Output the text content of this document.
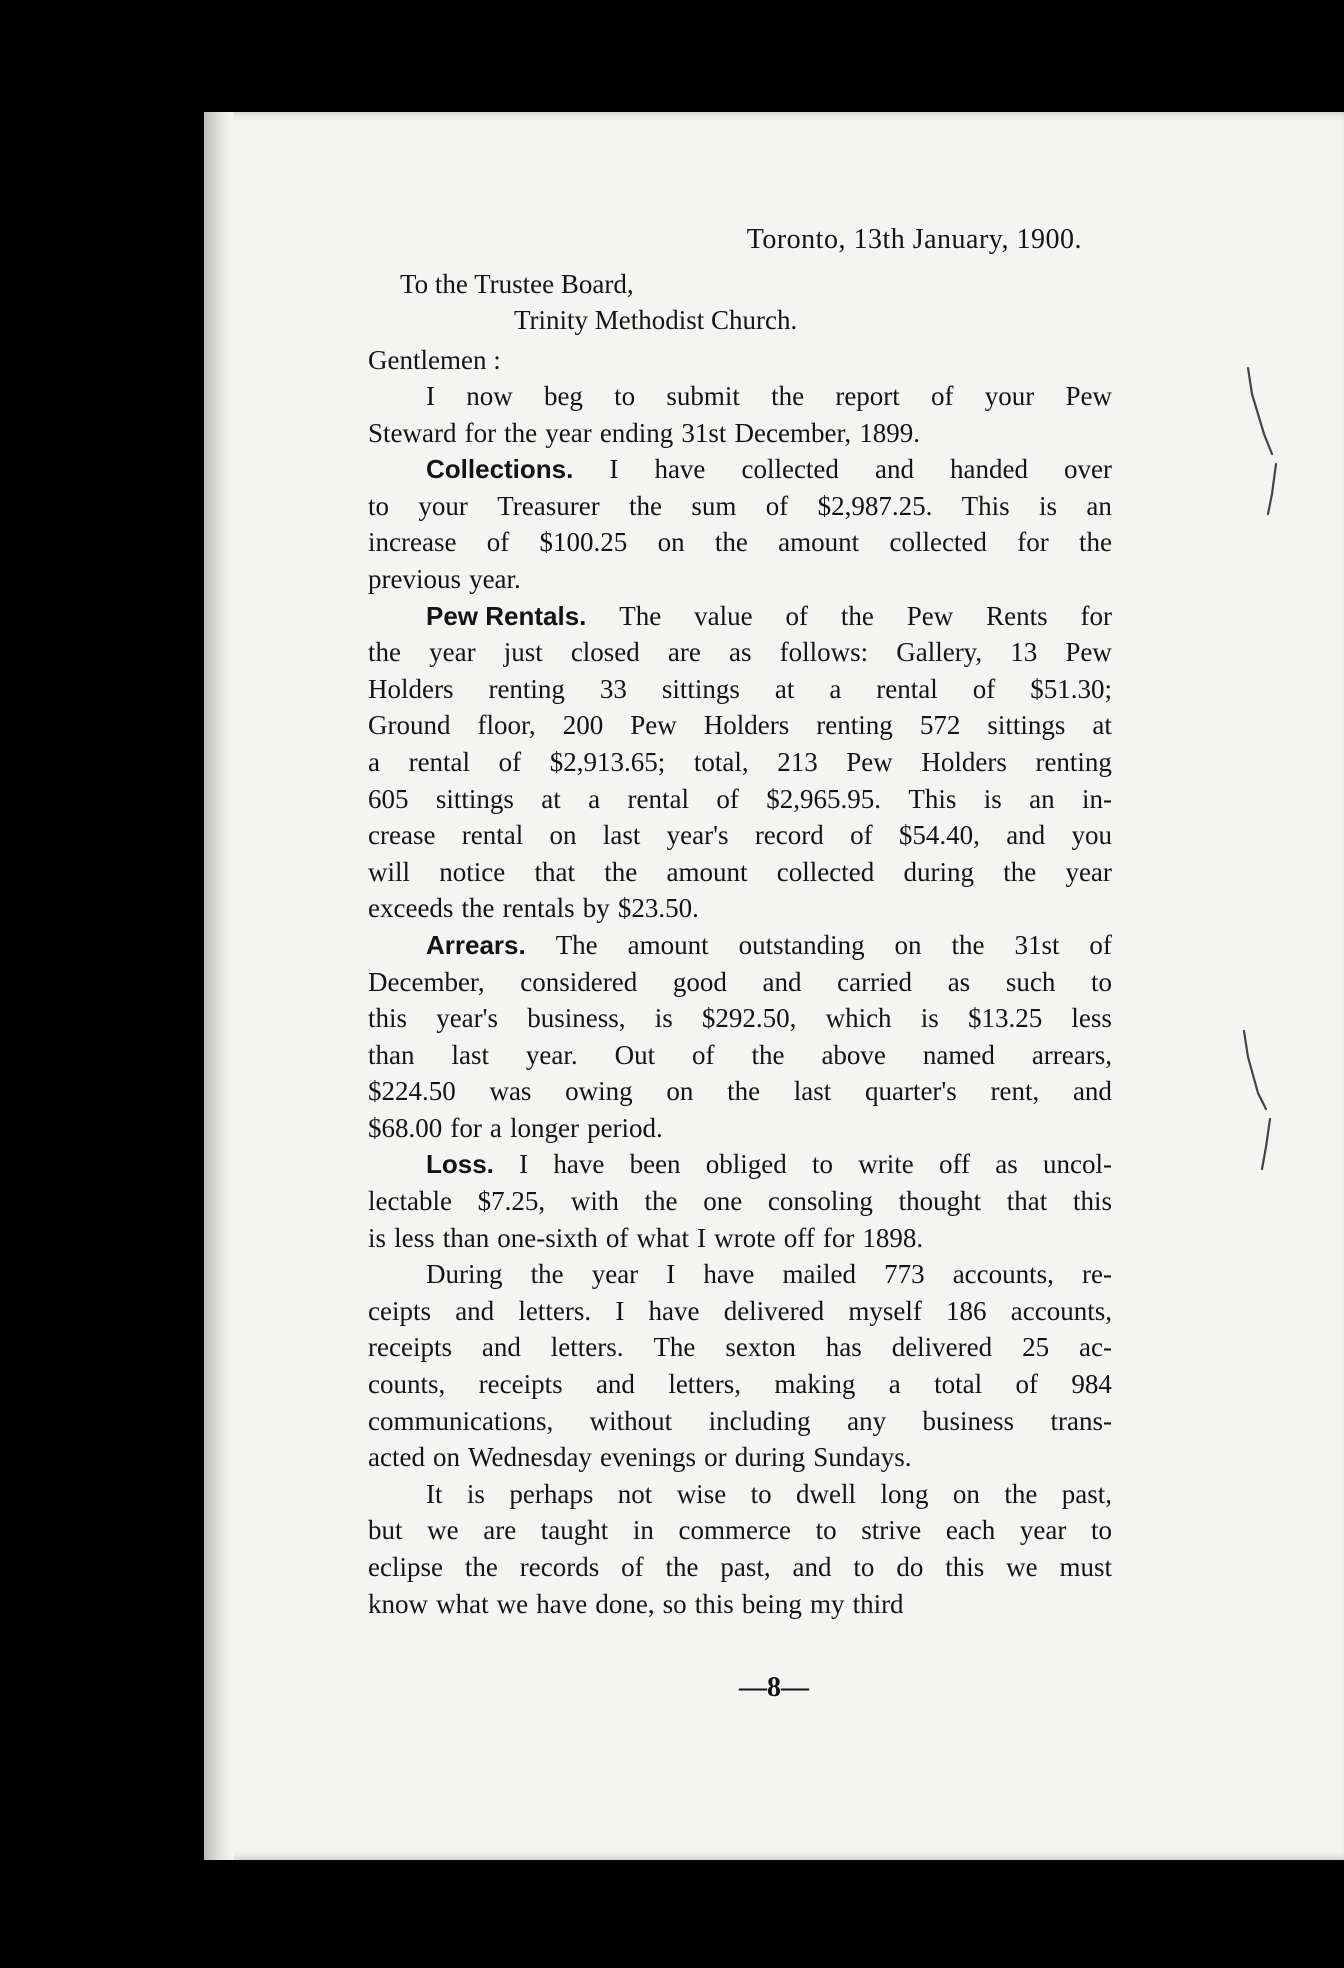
Toronto, 13th January, 1900.
To the Trustee Board,
Trinity Methodist Church.
Gentlemen :
I now beg to submit the report of your Pew
Steward for the year ending 31st December, 1899.
Collections. I have collected and handed over
to your Treasurer the sum of $2,987.25. This is an
increase of $100.25 on the amount collected for the
previous year.
Pew Rentals. The value of the Pew Rents for
the year just closed are as follows: Gallery, 13 Pew
Holders renting 33 sittings at a rental of $51.30;
Ground floor, 200 Pew Holders renting 572 sittings at
a rental of $2,913.65; total, 213 Pew Holders renting
605 sittings at a rental of $2,965.95. This is an in-
crease rental on last year's record of $54.40, and you
will notice that the amount collected during the year
exceeds the rentals by $23.50.
Arrears. The amount outstanding on the 31st of
December, considered good and carried as such to
this year's business, is $292.50, which is $13.25 less
than last year. Out of the above named arrears,
$224.50 was owing on the last quarter's rent, and
$68.00 for a longer period.
Loss. I have been obliged to write off as uncol-
lectable $7.25, with the one consoling thought that this
is less than one-sixth of what I wrote off for 1898.
During the year I have mailed 773 accounts, re-
ceipts and letters. I have delivered myself 186 accounts,
receipts and letters. The sexton has delivered 25 ac-
counts, receipts and letters, making a total of 984
communications, without including any business trans-
acted on Wednesday evenings or during Sundays.
It is perhaps not wise to dwell long on the past,
but we are taught in commerce to strive each year to
eclipse the records of the past, and to do this we must
know what we have done, so this being my third
—8—
